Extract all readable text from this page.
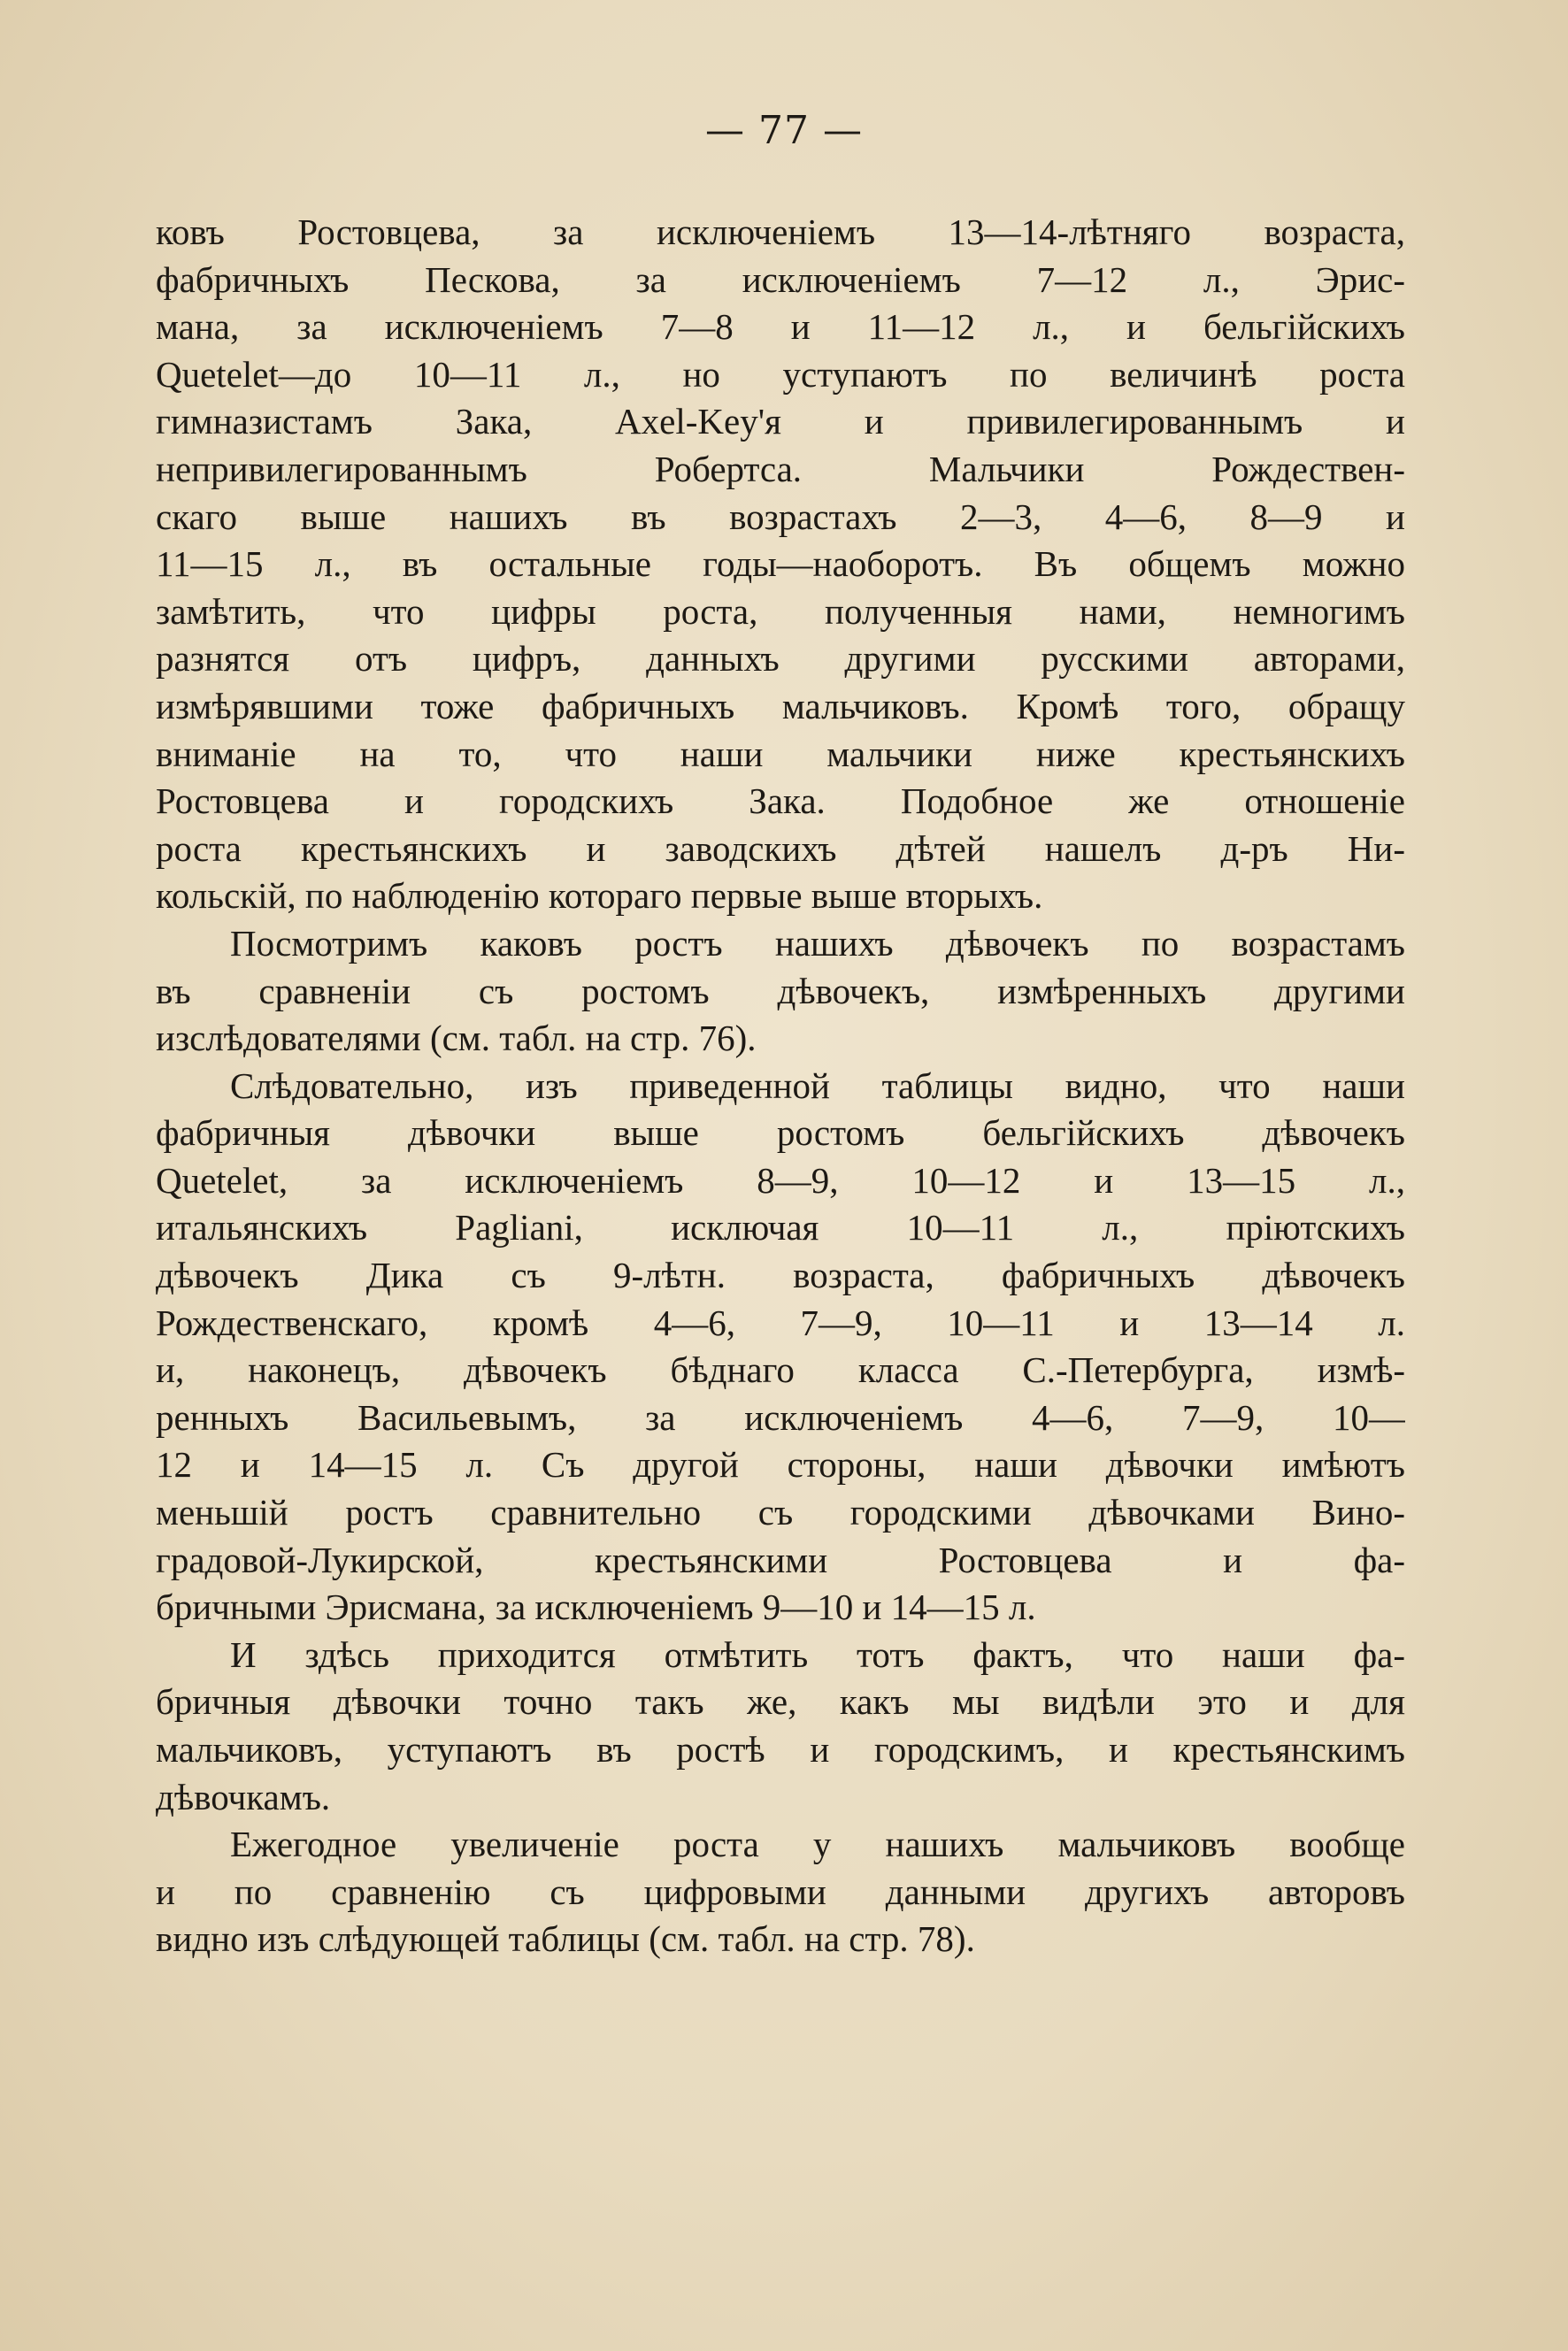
— 77 —
ковъ Ростовцева, за исключеніемъ 13—14-лѣтняго возраста,
фабричныхъ Пескова, за исключеніемъ 7—12 л., Эрис-
мана, за исключеніемъ 7—8 и 11—12 л., и бельгійскихъ
Quetelet—до 10—11 л., но уступаютъ по величинѣ роста
гимназистамъ Зака, Axel-Key'я и привилегированнымъ и
непривилегированнымъ Робертса. Мальчики Рождествен-
скаго выше нашихъ въ возрастахъ 2—3, 4—6, 8—9 и
11—15 л., въ остальные годы—наоборотъ. Въ общемъ можно
замѣтить, что цифры роста, полученныя нами, немногимъ
разнятся отъ цифръ, данныхъ другими русскими авторами,
измѣрявшими тоже фабричныхъ мальчиковъ. Кромѣ того, обращу
вниманіе на то, что наши мальчики ниже крестьянскихъ
Ростовцева и городскихъ Зака. Подобное же отношеніе
роста крестьянскихъ и заводскихъ дѣтей нашелъ д-ръ Ни-
кольскій, по наблюденію котораго первые выше вторыхъ.
Посмотримъ каковъ ростъ нашихъ дѣвочекъ по возрастамъ
въ сравненіи съ ростомъ дѣвочекъ, измѣренныхъ другими
изслѣдователями (см. табл. на стр. 76).
Слѣдовательно, изъ приведенной таблицы видно, что наши
фабричныя дѣвочки выше ростомъ бельгійскихъ дѣвочекъ
Quetelet, за исключеніемъ 8—9, 10—12 и 13—15 л.,
итальянскихъ Pagliani, исключая 10—11 л., пріютскихъ
дѣвочекъ Дика съ 9-лѣтн. возраста, фабричныхъ дѣвочекъ
Рождественскаго, кромѣ 4—6, 7—9, 10—11 и 13—14 л.
и, наконецъ, дѣвочекъ бѣднаго класса С.-Петербурга, измѣ-
ренныхъ Васильевымъ, за исключеніемъ 4—6, 7—9, 10—
12 и 14—15 л. Съ другой стороны, наши дѣвочки имѣютъ
меньшій ростъ сравнительно съ городскими дѣвочками Вино-
градовой-Лукирской, крестьянскими Ростовцева и фа-
бричными Эрисмана, за исключеніемъ 9—10 и 14—15 л.
И здѣсь приходится отмѣтить тотъ фактъ, что наши фа-
бричныя дѣвочки точно такъ же, какъ мы видѣли это и для
мальчиковъ, уступаютъ въ ростѣ и городскимъ, и крестьянскимъ
дѣвочкамъ.
Ежегодное увеличеніе роста у нашихъ мальчиковъ вообще
и по сравненію съ цифровыми данными другихъ авторовъ
видно изъ слѣдующей таблицы (см. табл. на стр. 78).
